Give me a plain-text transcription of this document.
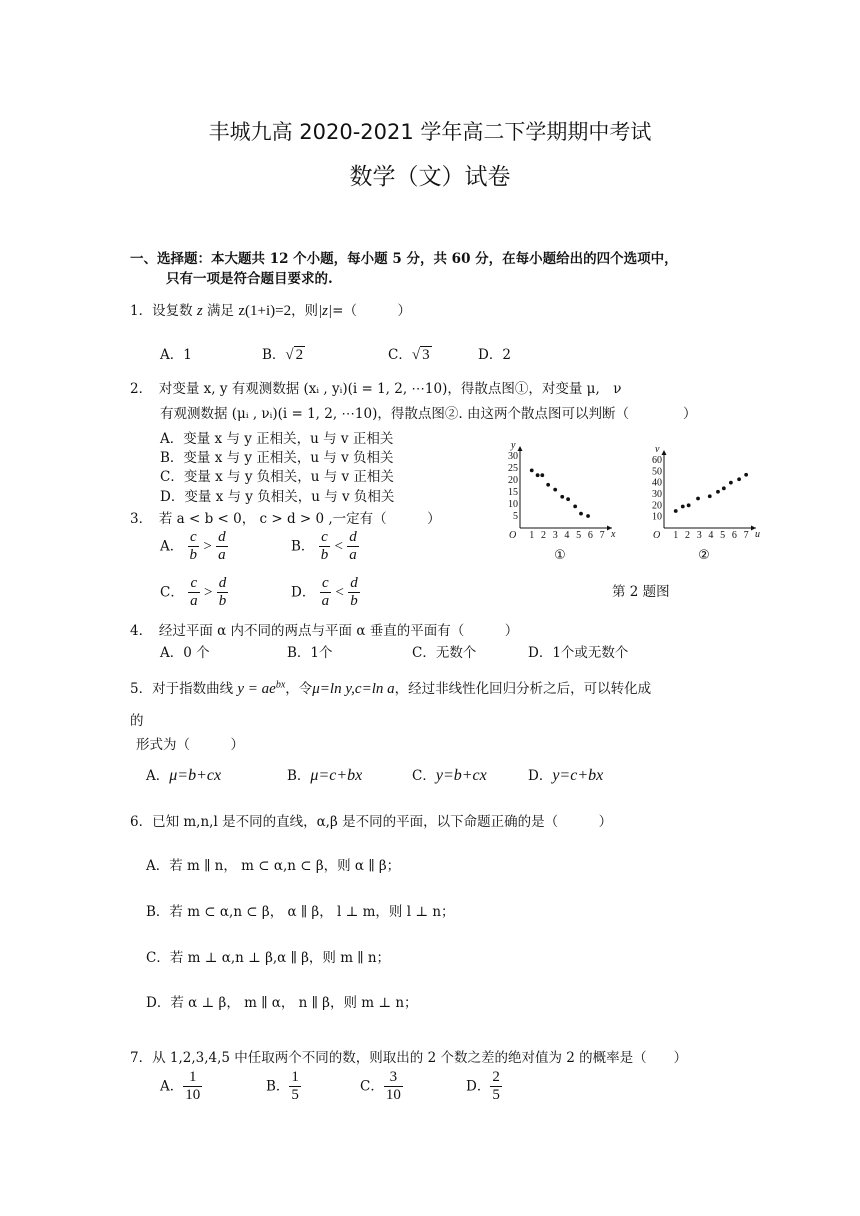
丰城九高 2020-2021 学年高二下学期期中考试
数学（文）试卷
一、选择题：本大题共 12 个小题，每小题 5 分，共 60 分，在每小题给出的四个选项中，
只有一项是符合题目要求的.
1．设复数 z 满足 z(1+i)=2，则|z|=（　　　）
A．1	B．√ 2	C．√ 3	D．2
2．　对变量 x, y 有观测数据 (xᵢ , yᵢ)(i = 1, 2, ⋯10)，得散点图①，对变量 μ,　ν
有观测数据 (μᵢ , νᵢ)(i = 1, 2, ⋯10)，得散点图②. 由这两个散点图可以判断（　　　　）
A．变量 x 与 y 正相关，u 与 v 正相关
B．变量 x 与 y 正相关，u 与 v 负相关
C．变量 x 与 y 负相关，u 与 v 正相关
D．变量 x 与 y 负相关，u 与 v 负相关
y
x
O
30
25
20
15
10
5
1 2 3 4 5 6 7
①
v
u
O
60
50
40
30
20
10
1 2 3 4 5 6 7
②
第 2 题图
3．　若 a < b < 0， c > d > 0 ,一定有（　　　）
A． $\frac{c}{b} > \frac{d}{a}$	B． $\frac{c}{b} < \frac{d}{a}$
C． $\frac{c}{a} > \frac{d}{b}$	D． $\frac{c}{a} < \frac{d}{b}$
4．　经过平面 α 内不同的两点与平面 α 垂直的平面有（　　　）
A．0 个	B．1个	C．无数个	D．1个或无数个
5．对于指数曲线 $y = ae^{bx}$，令μ=ln y,c=ln a，经过非线性化回归分析之后，可以转化成
的
形式为（　　　）
A．μ=b+cx	B．μ=c+bx	C．y=b+cx	D．y=c+bx
6．已知 m,n,l 是不同的直线，α,β 是不同的平面，以下命题正确的是（　　　）
A．若 m ∥ n， m ⊂ α,n ⊂ β，则 α ∥ β；
B．若 m ⊂ α,n ⊂ β， α ∥ β， l ⊥ m，则 l ⊥ n；
C．若 m ⊥ α,n ⊥ β,α ∥ β，则 m ∥ n；
D．若 α ⊥ β， m ∥ α， n ∥ β，则 m ⊥ n；
7．从 1,2,3,4,5 中任取两个不同的数，则取出的 2 个数之差的绝对值为 2 的概率是（　　）
A． $\frac{1}{10}$	B． $\frac{1}{5}$	C． $\frac{3}{10}$	D． $\frac{2}{5}$
